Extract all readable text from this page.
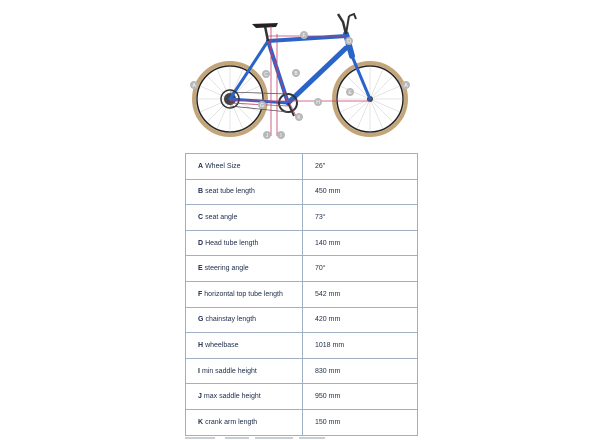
A	A
B
C
D
E
F
G	H
I
J
K
A Wheel Size	26"
B seat tube length	450 mm
C seat angle	73°
D Head tube length	140 mm
E steering angle	70°
F horizontal top tube length	542 mm
G chainstay length	420 mm
H wheelbase	1018 mm
I min saddle height	830 mm
J max saddle height	950 mm
K crank arm length	150 mm
